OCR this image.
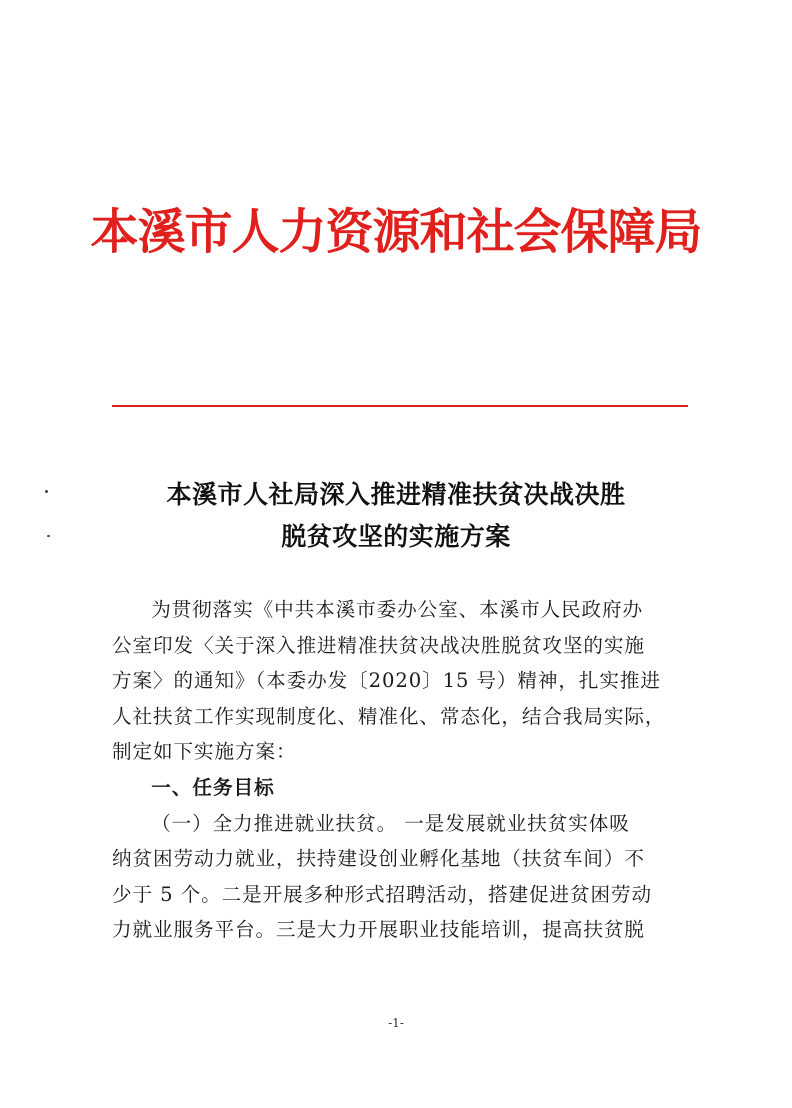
本溪市人力资源和社会保障局
本溪市人社局深入推进精准扶贫决战决胜
脱贫攻坚的实施方案

为贯彻落实《中共本溪市委办公室、本溪市人民政府办

公室印发〈关于深入推进精准扶贫决战决胜脱贫攻坚的实施

方案〉的通知》（本委办发〔2020〕15 号）精神，扎实推进

人社扶贫工作实现制度化、精准化、常态化，结合我局实际，

制定如下实施方案：

一、任务目标

（一）全力推进就业扶贫。 一是发展就业扶贫实体吸

纳贫困劳动力就业，扶持建设创业孵化基地（扶贫车间）不

少于 5 个。二是开展多种形式招聘活动，搭建促进贫困劳动

力就业服务平台。三是大力开展职业技能培训，提高扶贫脱

-1-
